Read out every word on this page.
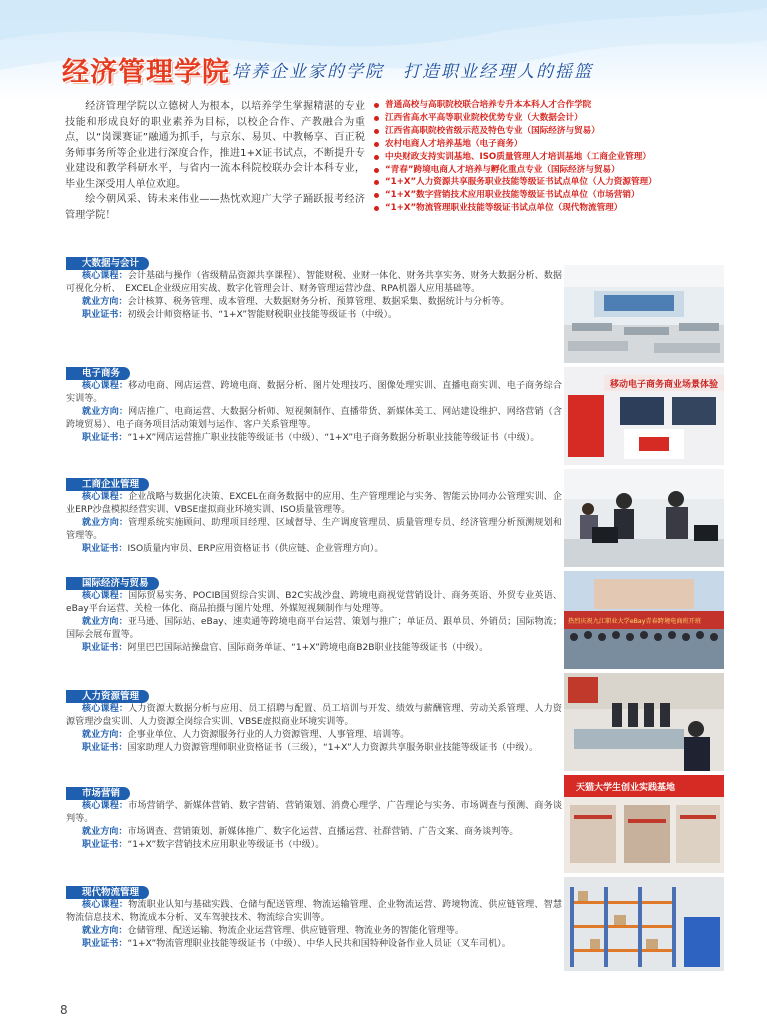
经济管理学院 培养企业家的学院　打造职业经理人的摇篮

经济管理学院以立德树人为根本，以培养学生掌握精湛的专业技能和形成良好的职业素养为目标，以校企合作、产教融合为重点，以“岗课赛证”融通为抓手，与京东、易贝、中教畅享、百正税务师事务所等企业进行深度合作，推进1+X证书试点，不断提升专业建设和教学科研水平，与省内一流本科院校联办会计本科专业，毕业生深受用人单位欢迎。

绘今朝风采、铸未来伟业——热忱欢迎广大学子踊跃报考经济管理学院！

普通高校与高职院校联合培养专升本本科人才合作学院
江西省高水平高等职业院校优势专业（大数据会计）
江西省高职院校省级示范及特色专业（国际经济与贸易）
农村电商人才培养基地（电子商务）
中央财政支持实训基地、ISO质量管理人才培训基地（工商企业管理）
“青春”跨境电商人才培养与孵化重点专业（国际经济与贸易）
“1+X”人力资源共享服务职业技能等级证书试点单位（人力资源管理）
“1+X”数字营销技术应用职业技能等级证书试点单位（市场营销）
“1+X”物流管理职业技能等级证书试点单位（现代物流管理）
大数据与会计

核心课程：会计基础与操作（省级精品资源共享课程）、智能财税、业财一体化、财务共享实务、财务大数据分析、数据可视化分析、　EXCEL企业级应用实战、数字化管理会计、财务管理运营沙盘、RPA机器人应用基础等。

就业方向：会计核算、税务管理、成本管理、大数据财务分析、预算管理、数据采集、数据统计与分析等。

职业证书：初级会计师资格证书、“1+X”智能财税职业技能等级证书（中级）。

电子商务

核心课程：移动电商、网店运营、跨境电商、数据分析、图片处理技巧、图像处理实训、直播电商实训、电子商务综合实训等。

就业方向：网店推广、电商运营、大数据分析师、短视频制作、直播带货、新媒体美工、网站建设维护、网络营销（含跨境贸易）、电子商务项目活动策划与运作、客户关系管理等。

职业证书：“1+X”网店运营推广职业技能等级证书（中级）、“1+X”电子商务数据分析职业技能等级证书（中级）。

工商企业管理

核心课程：企业战略与数据化决策、EXCEL在商务数据中的应用、生产管理理论与实务、智能云协同办公管理实训、企业ERP沙盘模拟经营实训、VBSE虚拟商业环境实训、ISO质量管理等。

就业方向：管理系统实施顾问、助理项目经理、区域督导、生产调度管理员、质量管理专员、经济管理分析预测规划和管理等。

职业证书：ISO质量内审员、ERP应用资格证书（供应链、企业管理方向）。

国际经济与贸易

核心课程：国际贸易实务、POCIB国贸综合实训、B2C实战沙盘、跨境电商视觉营销设计、商务英语、外贸专业英语、eBay平台运营、关检一体化、商品拍摄与图片处理、外媒短视频制作与处理等。

就业方向：亚马逊、国际站、eBay、速卖通等跨境电商平台运营、策划与推广；单证员、跟单员、外销员；国际物流；国际会展布置等。

职业证书：阿里巴巴国际站操盘官、国际商务单证、“1+X”跨境电商B2B职业技能等级证书（中级）。

人力资源管理

核心课程：人力资源大数据分析与应用、员工招聘与配置、员工培训与开发、绩效与薪酬管理、劳动关系管理、人力资源管理沙盘实训、人力资源全岗综合实训、VBSE虚拟商业环境实训等。

就业方向：企事业单位、人力资源服务行业的人力资源管理、人事管理、培训等。

职业证书：国家助理人力资源管理师职业资格证书（三级），“1+X”人力资源共享服务职业技能等级证书（中级）。

市场营销

核心课程：市场营销学、新媒体营销、数字营销、营销策划、消费心理学、广告理论与实务、市场调查与预测、商务谈判等。

就业方向：市场调查、营销策划、新媒体推广、数字化运营、直播运营、社群营销、广告文案、商务谈判等。

职业证书：“1+X”数字营销技术应用职业等级证书（中级）。

现代物流管理

核心课程：物流职业认知与基础实践、仓储与配送管理、物流运输管理、企业物流运营、跨境物流、供应链管理、智慧物流信息技术、物流成本分析、叉车驾驶技术、物流综合实训等。

就业方向：仓储管理、配送运输、物流企业运营管理、供应链管理、物流业务的智能化管理等。

职业证书：“1+X”物流管理职业技能等级证书（中级）、中华人民共和国特种设备作业人员证（叉车司机）。

移动电子商务商业场景体验
热烈庆祝九江职业大学eBay青春跨境电商班开班
天猫大学生创业实践基地
8
